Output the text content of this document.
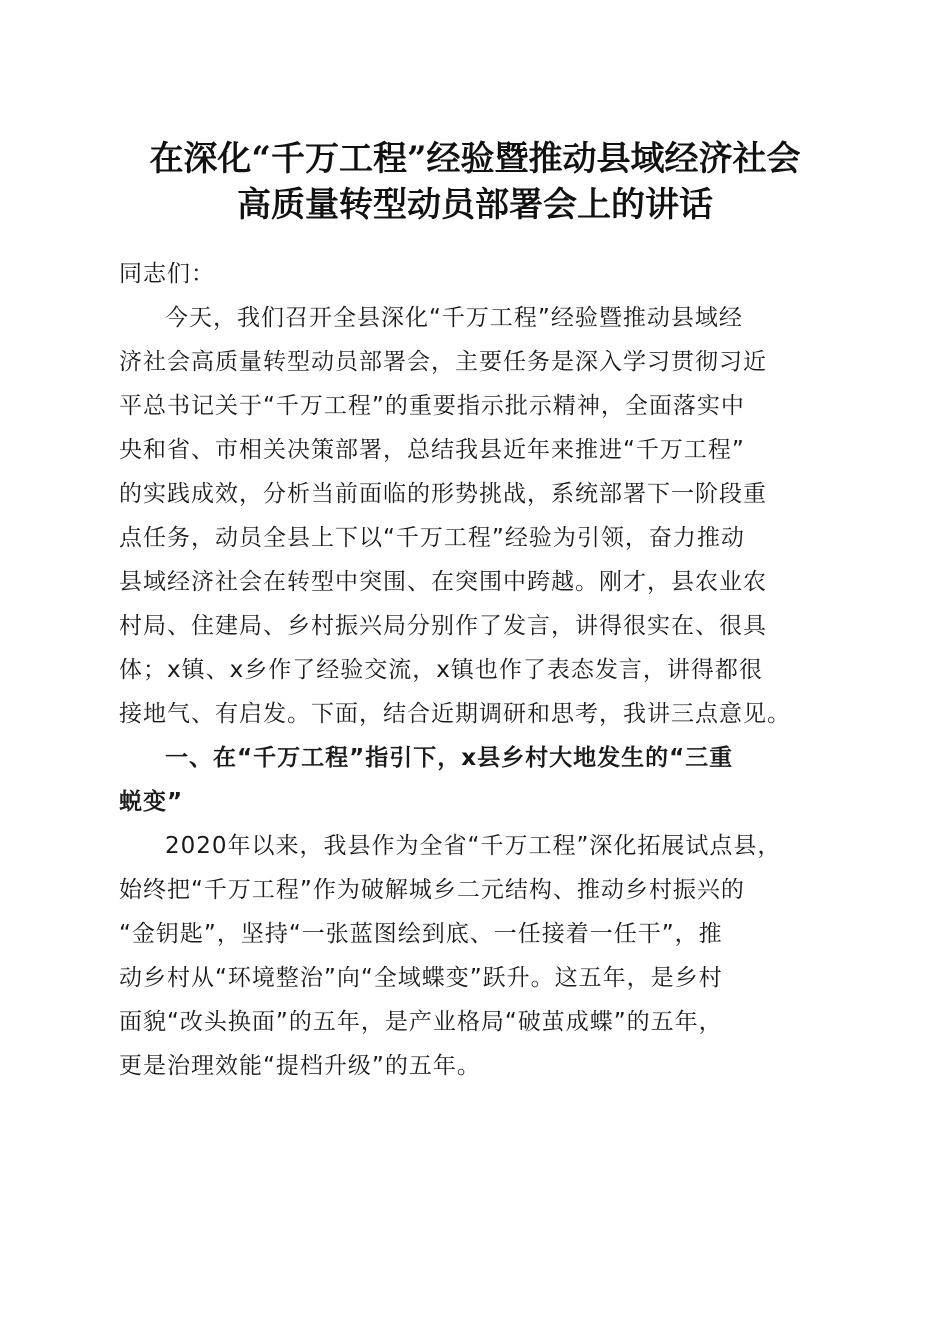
在深化“千万工程”经验暨推动县域经济社会
高质量转型动员部署会上的讲话

同志们：

今天，我们召开全县深化“千万工程”经验暨推动县域经
济社会高质量转型动员部署会，主要任务是深入学习贯彻习近
平总书记关于“千万工程”的重要指示批示精神，全面落实中
央和省、市相关决策部署，总结我县近年来推进“千万工程”
的实践成效，分析当前面临的形势挑战，系统部署下一阶段重
点任务，动员全县上下以“千万工程”经验为引领，奋力推动
县域经济社会在转型中突围、在突围中跨越。刚才，县农业农
村局、住建局、乡村振兴局分别作了发言，讲得很实在、很具
体；x镇、x乡作了经验交流，x镇也作了表态发言，讲得都很
接地气、有启发。下面，结合近期调研和思考，我讲三点意见。

一、在“千万工程”指引下，x县乡村大地发生的“三重
蜕变”

2020年以来，我县作为全省“千万工程”深化拓展试点县，
始终把“千万工程”作为破解城乡二元结构、推动乡村振兴的
“金钥匙”，坚持“一张蓝图绘到底、一任接着一任干”，推
动乡村从“环境整治”向“全域蝶变”跃升。这五年，是乡村
面貌“改头换面”的五年，是产业格局“破茧成蝶”的五年，
更是治理效能“提档升级”的五年。
